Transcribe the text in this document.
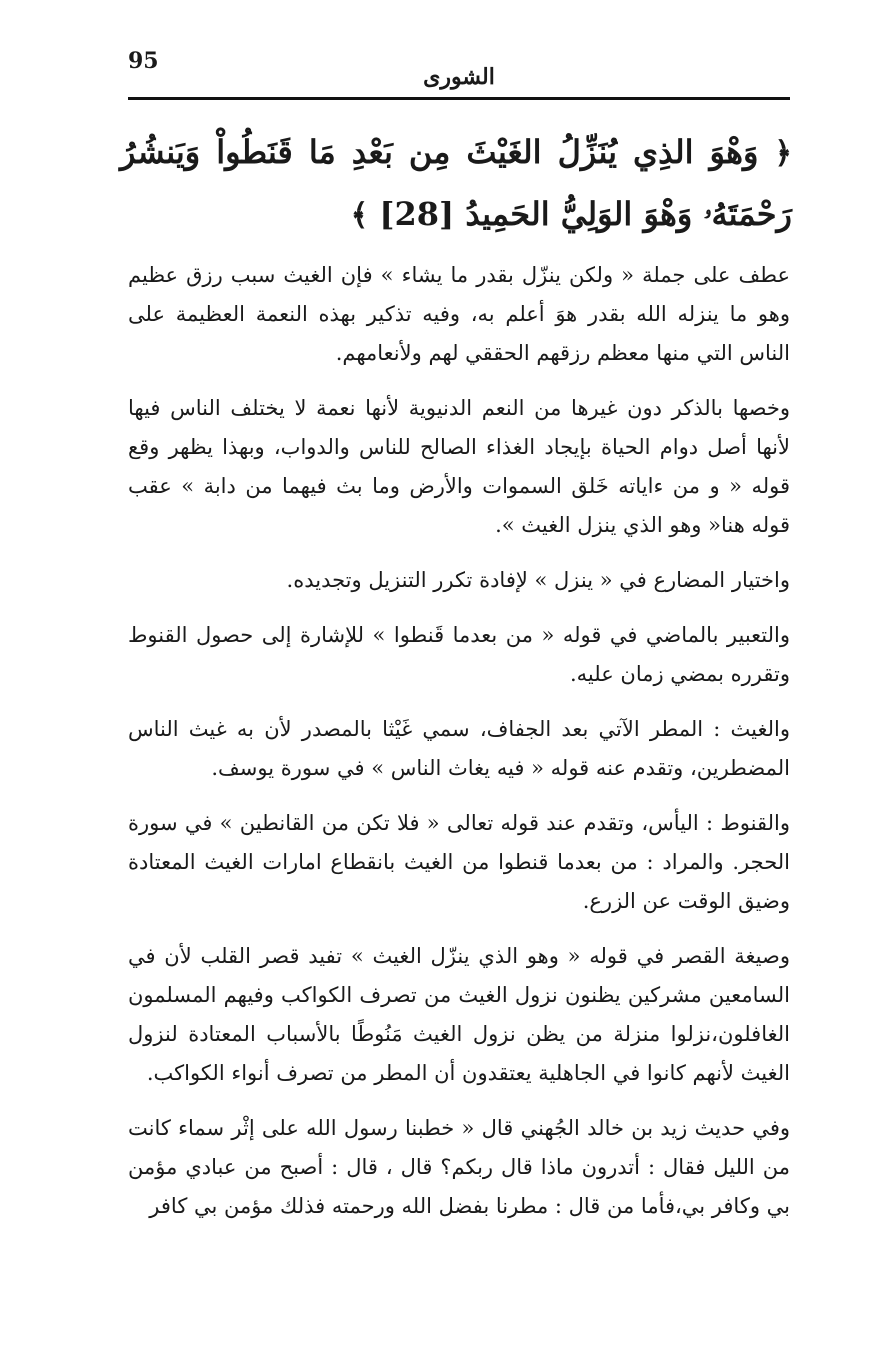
95
الشورى
﴿ وَهْوَ الذِي يُنَزِّلُ الغَيْثَ مِن بَعْدِ مَا قَنَطُواْ وَيَنشُرُ رَحْمَتَهُۥ وَهْوَ الوَلِيُّ الحَمِيدُ [28] ﴾

عطف على جملة « ولكن ينزّل بقدر ما يشاء » فإن الغيث سبب رزق عظيم وهو ما ينزله الله بقدر هوَ أعلم به، وفيه تذكير بهذه النعمة العظيمة على الناس التي منها معظم رزقهم الحققي لهم ولأنعامهم.

وخصها بالذكر دون غيرها من النعم الدنيوية لأنها نعمة لا يختلف الناس فيها لأنها أصل دوام الحياة بإيجاد الغذاء الصالح للناس والدواب، وبهذا يظهر وقع قوله « و من ءاياته خَلق السموات والأرض وما بث فيهما من دابة » عقب قوله هنا« وهو الذي ينزل الغيث ».

واختيار المضارع في « ينزل » لإفادة تكرر التنزيل وتجديده.

والتعبير بالماضي في قوله « من بعدما قَنطوا » للإشارة إلى حصول القنوط وتقرره بمضي زمان عليه.

والغيث : المطر الآتي بعد الجفاف، سمي غَيْثا بالمصدر لأن به غيث الناس المضطرين، وتقدم عنه قوله « فيه يغاث الناس » في سورة يوسف.

والقنوط : اليأس، وتقدم عند قوله تعالى « فلا تكن من القانطين » في سورة الحجر. والمراد : من بعدما قنطوا من الغيث بانقطاع امارات الغيث المعتادة وضيق الوقت عن الزرع.

وصيغة القصر في قوله « وهو الذي ينزّل الغيث » تفيد قصر القلب لأن في السامعين مشركين يظنون نزول الغيث من تصرف الكواكب وفيهم المسلمون الغافلون،نزلوا منزلة من يظن نزول الغيث مَنُوطًا بالأسباب المعتادة لنزول الغيث لأنهم كانوا في الجاهلية يعتقدون أن المطر من تصرف أنواء الكواكب.

وفي حديث زيد بن خالد الجُهني قال « خطبنا رسول الله على إثْر سماء كانت من الليل فقال : أتدرون ماذا قال ربكم؟ قال ، قال : أصبح من عبادي مؤمن بي وكافر بي،فأما من قال : مطرنا بفضل الله ورحمته فذلك مؤمن بي كافر
